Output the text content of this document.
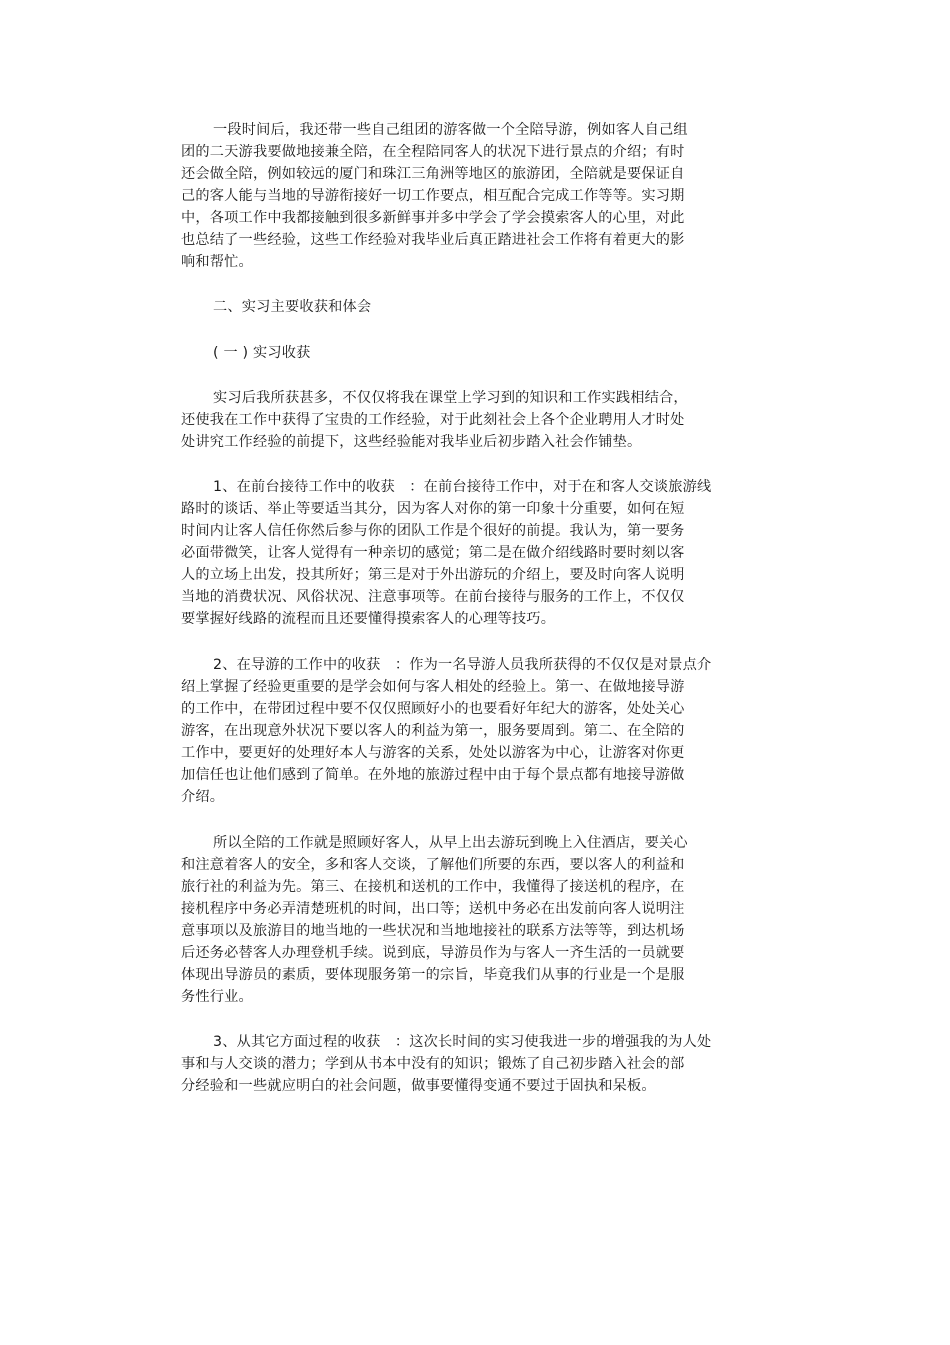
一段时间后，我还带一些自己组团的游客做一个全陪导游，例如客人自己组

团的二天游我要做地接兼全陪，在全程陪同客人的状况下进行景点的介绍；有时

还会做全陪，例如较远的厦门和珠江三角洲等地区的旅游团，全陪就是要保证自

己的客人能与当地的导游衔接好一切工作要点，相互配合完成工作等等。实习期

中，各项工作中我都接触到很多新鲜事并多中学会了学会摸索客人的心里，对此

也总结了一些经验，这些工作经验对我毕业后真正踏进社会工作将有着更大的影

响和帮忙。

二、实习主要收获和体会

( 一 ) 实习收获

实习后我所获甚多，不仅仅将我在课堂上学习到的知识和工作实践相结合，

还使我在工作中获得了宝贵的工作经验，对于此刻社会上各个企业聘用人才时处

处讲究工作经验的前提下，这些经验能对我毕业后初步踏入社会作铺垫。

1、在前台接待工作中的收获　：在前台接待工作中，对于在和客人交谈旅游线

路时的谈话、举止等要适当其分，因为客人对你的第一印象十分重要，如何在短

时间内让客人信任你然后参与你的团队工作是个很好的前提。我认为，第一要务

必面带微笑，让客人觉得有一种亲切的感觉；第二是在做介绍线路时要时刻以客

人的立场上出发，投其所好；第三是对于外出游玩的介绍上，要及时向客人说明

当地的消费状况、风俗状况、注意事项等。在前台接待与服务的工作上，不仅仅

要掌握好线路的流程而且还要懂得摸索客人的心理等技巧。

2、在导游的工作中的收获　：作为一名导游人员我所获得的不仅仅是对景点介

绍上掌握了经验更重要的是学会如何与客人相处的经验上。第一、在做地接导游

的工作中，在带团过程中要不仅仅照顾好小的也要看好年纪大的游客，处处关心

游客，在出现意外状况下要以客人的利益为第一，服务要周到。第二、在全陪的

工作中，要更好的处理好本人与游客的关系，处处以游客为中心，让游客对你更

加信任也让他们感到了简单。在外地的旅游过程中由于每个景点都有地接导游做

介绍。

所以全陪的工作就是照顾好客人，从早上出去游玩到晚上入住酒店，要关心

和注意着客人的安全，多和客人交谈，了解他们所要的东西，要以客人的利益和

旅行社的利益为先。第三、在接机和送机的工作中，我懂得了接送机的程序，在

接机程序中务必弄清楚班机的时间，出口等；送机中务必在出发前向客人说明注

意事项以及旅游目的地当地的一些状况和当地地接社的联系方法等等，到达机场

后还务必替客人办理登机手续。说到底，导游员作为与客人一齐生活的一员就要

体现出导游员的素质，要体现服务第一的宗旨，毕竟我们从事的行业是一个是服

务性行业。

3、从其它方面过程的收获　：这次长时间的实习使我进一步的增强我的为人处

事和与人交谈的潜力；学到从书本中没有的知识；锻炼了自己初步踏入社会的部

分经验和一些就应明白的社会问题，做事要懂得变通不要过于固执和呆板。
